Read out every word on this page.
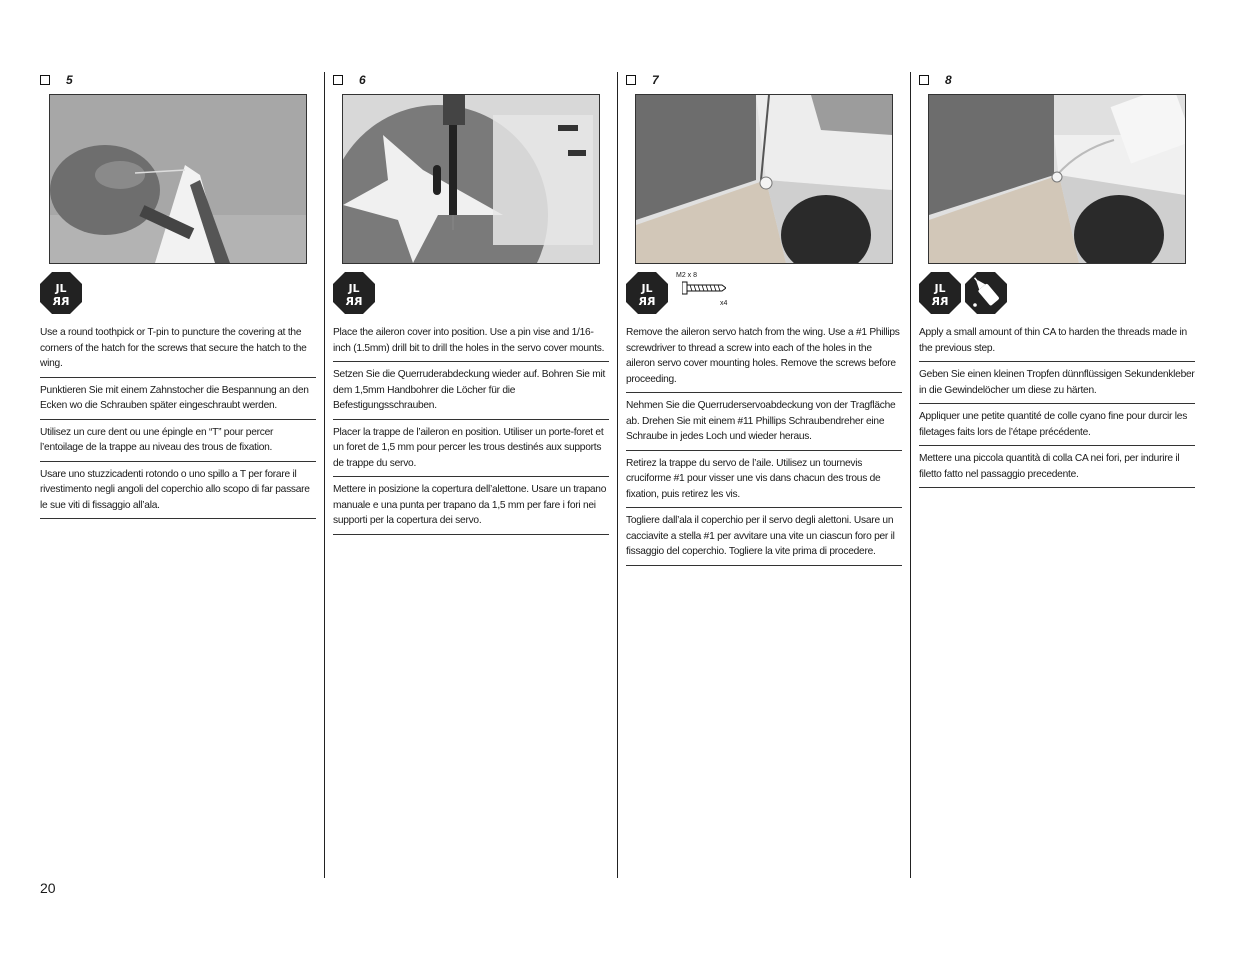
5
JL
RR

Use a round toothpick or T-pin to puncture the covering at the corners of the hatch for the screws that secure the hatch to the wing.

Punktieren Sie mit einem Zahnstocher die Bespannung an den Ecken wo die Schrauben später eingeschraubt werden.

Utilisez un cure dent ou une épingle en “T” pour percer l’entoilage de la trappe au niveau des trous de fixation.

Usare uno stuzzicadenti rotondo o uno spillo a T per forare il rivestimento negli angoli del coperchio allo scopo di far passare le sue viti di fissaggio all’ala.

6
JL
RR

Place the aileron cover into position. Use a pin vise and 1/16-inch (1.5mm) drill bit to drill the holes in the servo cover mounts.

Setzen Sie die Querruderabdeckung wieder auf. Bohren Sie mit dem 1,5mm Handbohrer die Löcher für die Befestigungsschrauben.

Placer la trappe de l’aileron en position. Utiliser un porte-foret et un foret de 1,5 mm pour percer les trous destinés aux supports de trappe du servo.

Mettere in posizione la copertura dell’alettone. Usare un trapano manuale e una punta per trapano da 1,5 mm per fare i fori nei supporti per la copertura dei servo.

7
JL
RR
M2 x 8
x4

Remove the aileron servo hatch from the wing. Use a #1 Phillips screwdriver to thread a screw into each of the holes in the aileron servo cover mounting holes. Remove the screws before proceeding.

Nehmen Sie die Querruderservoabdeckung von der Tragfläche ab. Drehen Sie mit einem #11 Phillips Schraubendreher eine Schraube in jedes Loch und wieder heraus.

Retirez la trappe du servo de l’aile. Utilisez un tournevis cruciforme #1 pour visser une vis dans chacun des trous de fixation, puis retirez les vis.

Togliere dall’ala il coperchio per il servo degli alettoni. Usare un cacciavite a stella #1 per avvitare una vite un ciascun foro per il fissaggio del coperchio. Togliere la vite prima di procedere.

8
JL
RR

Apply a small amount of thin CA to harden the threads made in the previous step.

Geben Sie einen kleinen Tropfen dünnflüssigen Sekundenkleber in die Gewindelöcher um diese zu härten.

Appliquer une petite quantité de colle cyano fine pour durcir les filetages faits lors de l’étape précédente.

Mettere una piccola quantità di colla CA nei fori, per indurire il filetto fatto nel passaggio precedente.

20
